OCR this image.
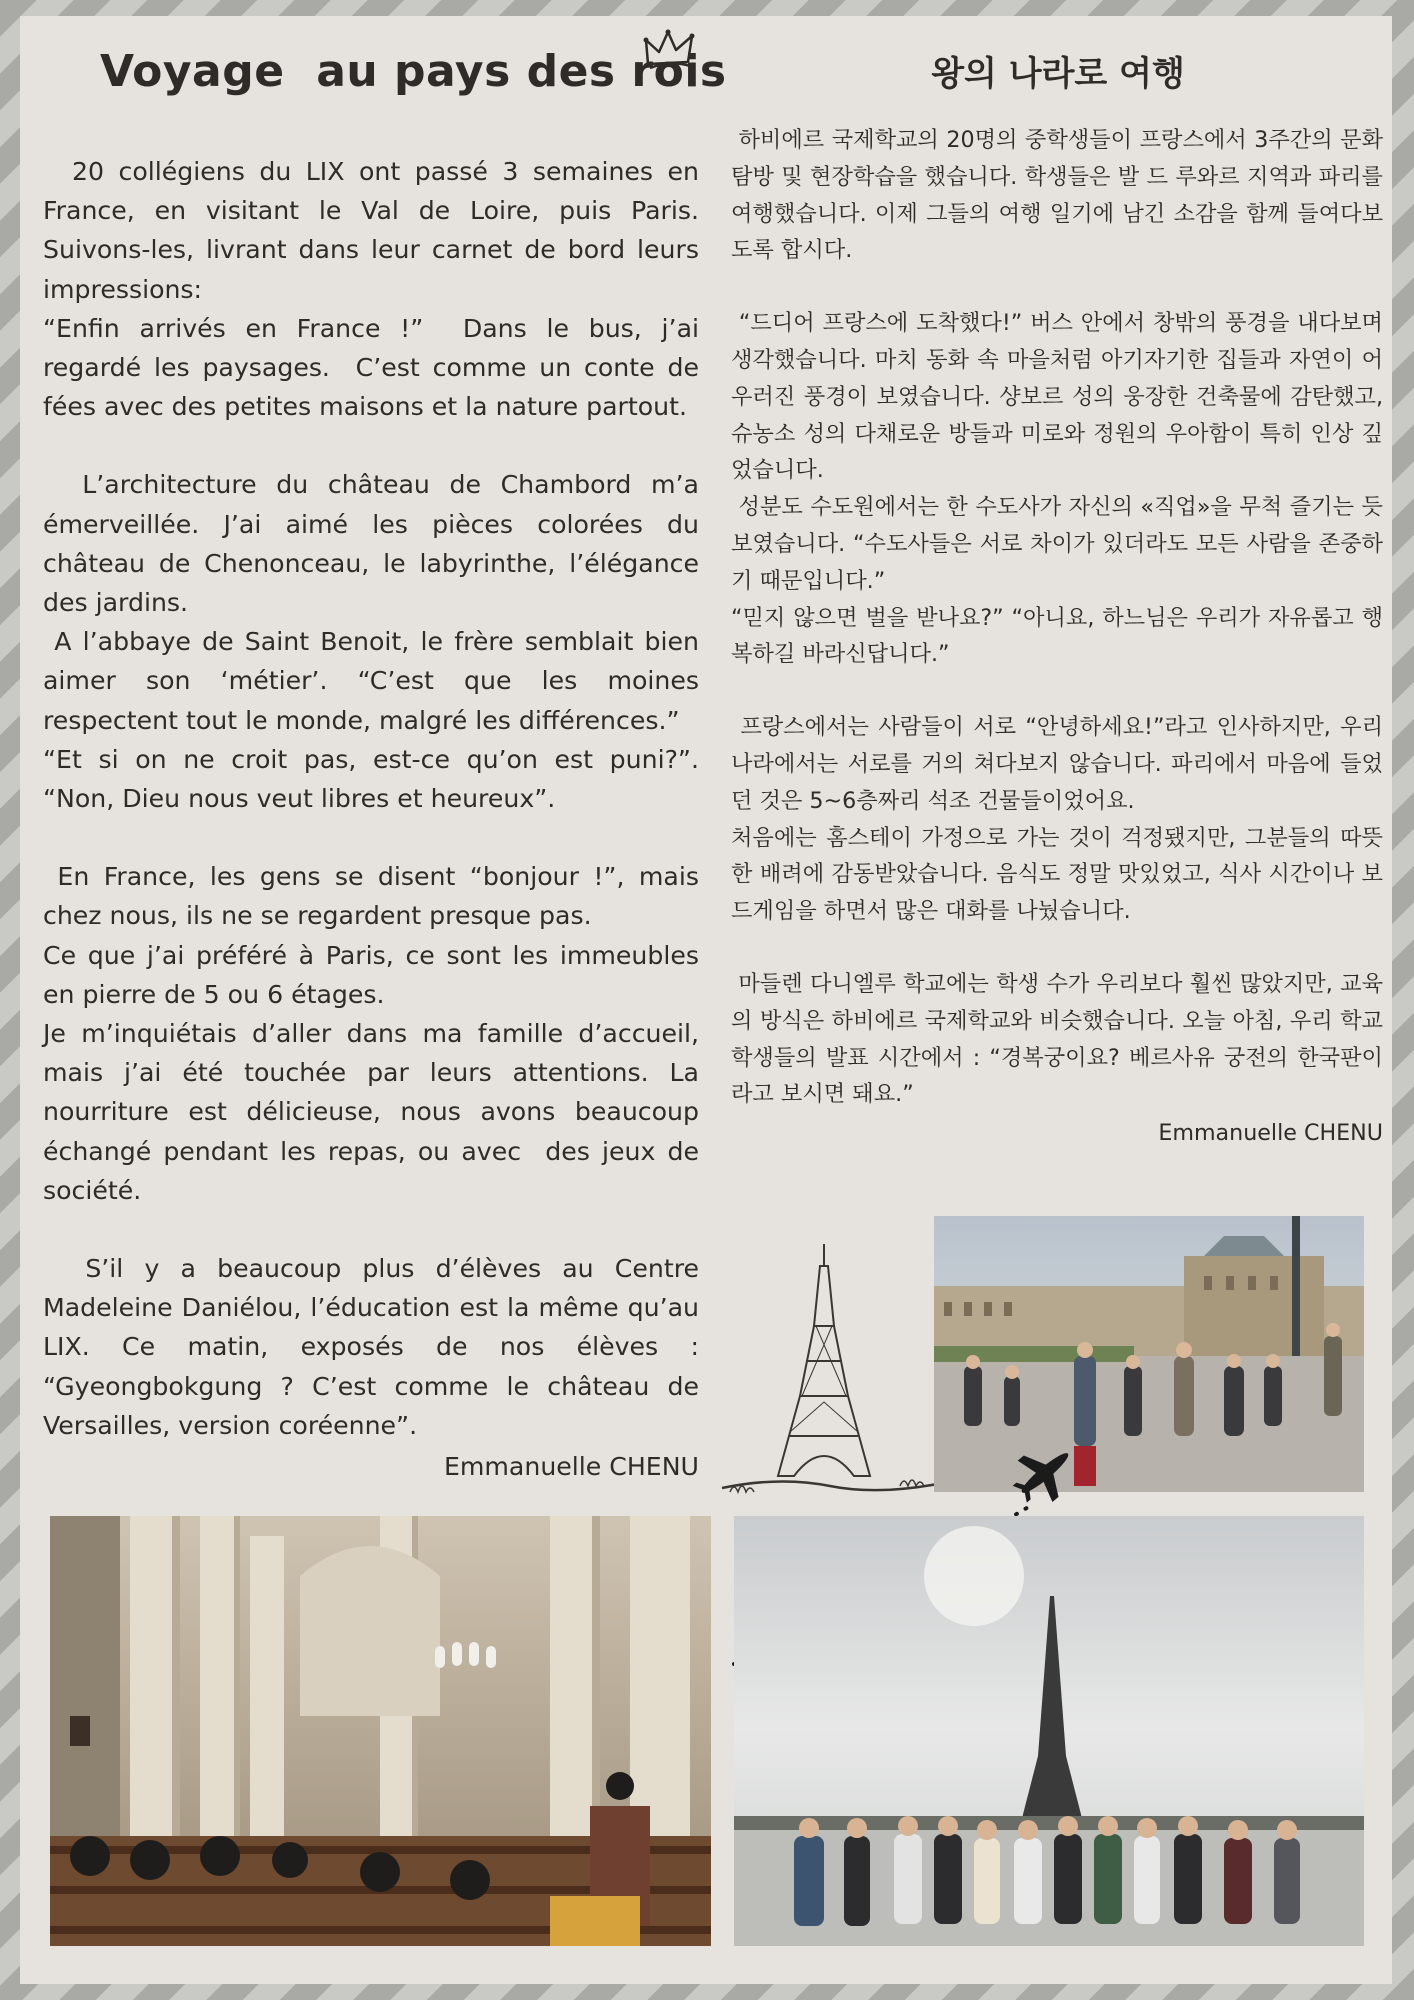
Voyage  au pays des rois	왕의 나라로 여행

20 collégiens du LIX ont passé 3 semaines en France, en visitant le Val de Loire, puis Paris. Suivons-les, livrant dans leur carnet de bord leurs impressions:

“Enfin arrivés en France !”  Dans le bus, j’ai regardé les paysages.  C’est comme un conte de fées avec des petites maisons et la nature partout.

L’architecture du château de Chambord m’a émerveillée. J’ai aimé les pièces colorées du château de Chenonceau, le labyrinthe, l’élégance des jardins.

A l’abbaye de Saint Benoit, le frère semblait bien aimer son ‘métier’. “C’est que les moines respectent tout le monde, malgré les différences.”

“Et si on ne croit pas, est-ce qu’on est puni?”. “Non, Dieu nous veut libres et heureux”.

En France, les gens se disent “bonjour !”, mais chez nous, ils ne se regardent presque pas.

Ce que j’ai préféré à Paris, ce sont les immeubles en pierre de 5 ou 6 étages.

Je m’inquiétais d’aller dans ma famille d’accueil, mais j’ai été touchée par leurs attentions. La nourriture est délicieuse, nous avons beaucoup échangé pendant les repas, ou avec  des jeux de société.

S’il y a beaucoup plus d’élèves au Centre Madeleine Daniélou, l’éducation est la même qu’au LIX. Ce matin, exposés de nos élèves : “Gyeongbokgung ? C’est comme le château de Versailles, version coréenne”.

Emmanuelle CHENU

하비에르 국제학교의 20명의 중학생들이 프랑스에서 3주간의 문화탐방 및 현장학습을 했습니다. 학생들은 발 드 루와르 지역과 파리를 여행했습니다. 이제 그들의 여행 일기에 남긴 소감을 함께 들여다보도록 합시다.

“드디어 프랑스에 도착했다!” 버스 안에서 창밖의 풍경을 내다보며 생각했습니다. 마치 동화 속 마을처럼 아기자기한 집들과 자연이 어우러진 풍경이 보였습니다. 샹보르 성의 웅장한 건축물에 감탄했고, 슈농소 성의 다채로운 방들과 미로와 정원의 우아함이 특히 인상 깊었습니다.

성분도 수도원에서는 한 수도사가 자신의 «직업»을 무척 즐기는 듯 보였습니다. “수도사들은 서로 차이가 있더라도 모든 사람을 존중하기 때문입니다.”

“믿지 않으면 벌을 받나요?” “아니요, 하느님은 우리가 자유롭고 행복하길 바라신답니다.”

프랑스에서는 사람들이 서로 “안녕하세요!”라고 인사하지만, 우리나라에서는 서로를 거의 쳐다보지 않습니다. 파리에서 마음에 들었던 것은 5~6층짜리 석조 건물들이었어요.

처음에는 홈스테이 가정으로 가는 것이 걱정됐지만, 그분들의 따뜻한 배려에 감동받았습니다. 음식도 정말 맛있었고, 식사 시간이나 보드게임을 하면서 많은 대화를 나눴습니다.

마들렌 다니엘루 학교에는 학생 수가 우리보다 훨씬 많았지만, 교육의 방식은 하비에르 국제학교와 비슷했습니다. 오늘 아침, 우리 학교 학생들의 발표 시간에서 : “경복궁이요? 베르사유 궁전의 한국판이라고 보시면 돼요.”

Emmanuelle CHENU
